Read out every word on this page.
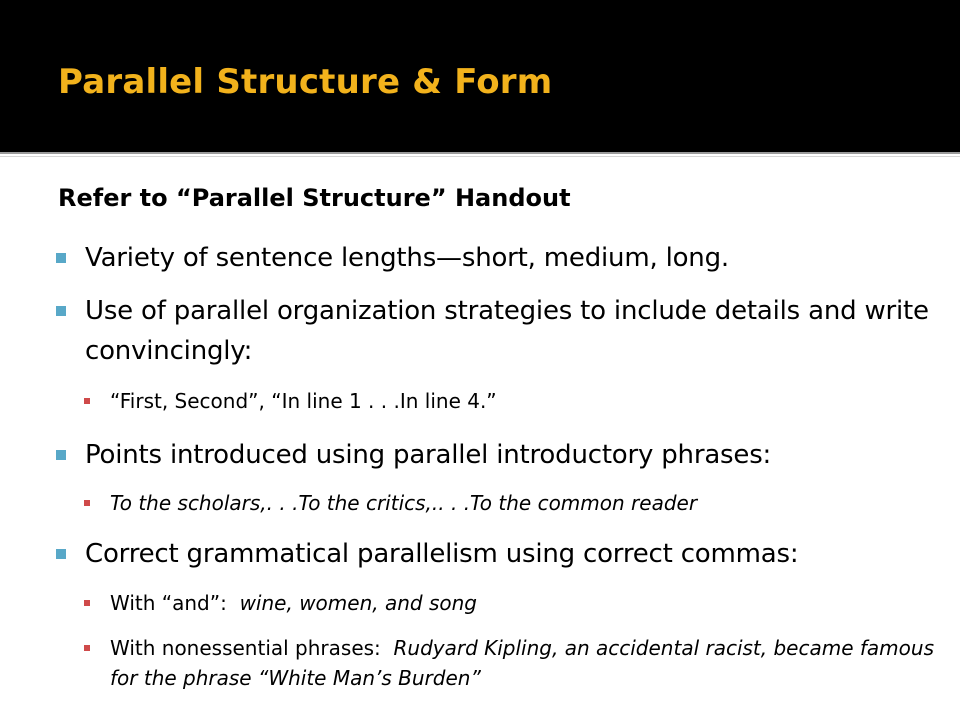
Parallel Structure & Form
Refer to “Parallel Structure” Handout
Variety of sentence lengths—short, medium, long.
Use of parallel organization strategies to include details and write convincingly:
“First, Second”, “In line 1 . . .In line 4.”
Points introduced using parallel introductory phrases:
To the scholars,. . .To the critics,.. . .To the common reader
Correct grammatical parallelism using correct commas:
With “and”:  wine, women, and song
With nonessential phrases:  Rudyard Kipling, an accidental racist, became famous for the phrase “White Man’s Burden”
